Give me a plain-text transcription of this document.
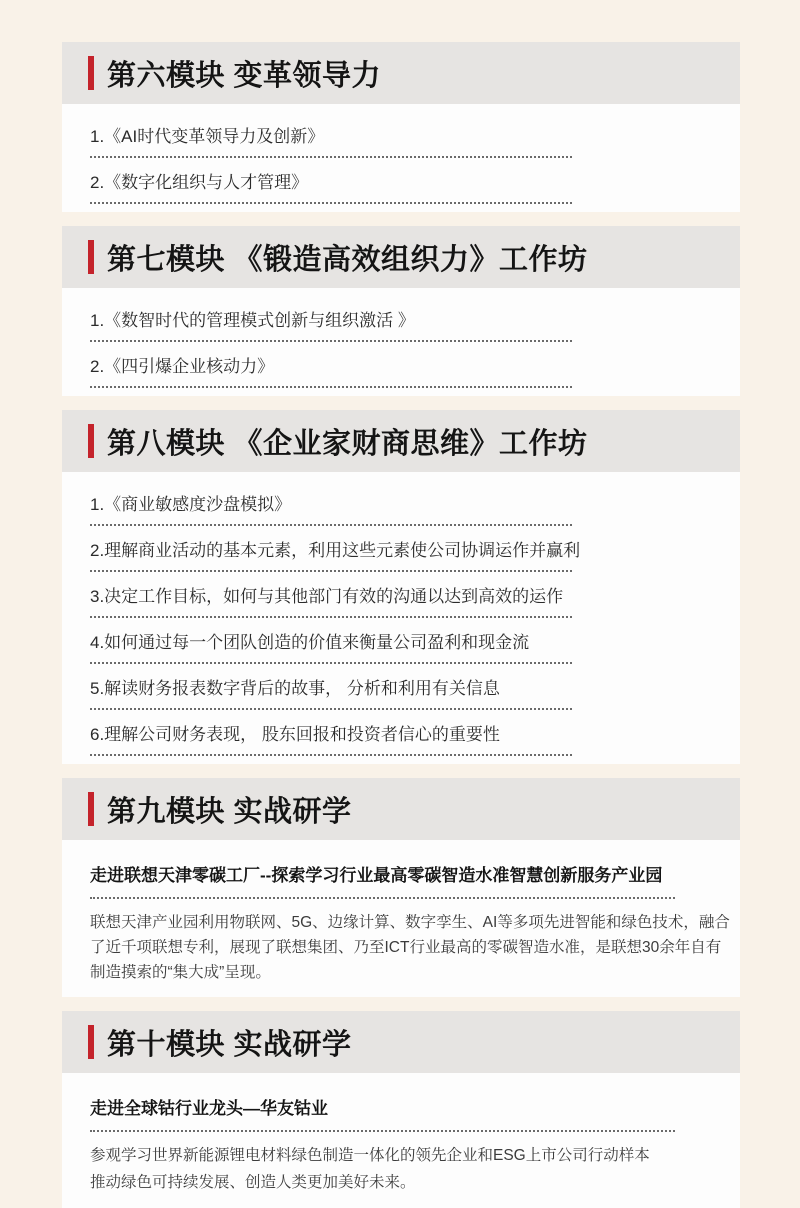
第六模块 变革领导力
1.《AI时代变革领导力及创新》
2.《数字化组织与人才管理》
第七模块 《锻造高效组织力》工作坊
1.《数智时代的管理模式创新与组织激活 》
2.《四引爆企业核动力》
第八模块 《企业家财商思维》工作坊
1.《商业敏感度沙盘模拟》
2.理解商业活动的基本元素，利用这些元素使公司协调运作并赢利
3.决定工作目标，如何与其他部门有效的沟通以达到高效的运作
4.如何通过每一个团队创造的价值来衡量公司盈利和现金流
5.解读财务报表数字背后的故事， 分析和利用有关信息
6.理解公司财务表现， 股东回报和投资者信心的重要性
第九模块 实战研学
走进联想天津零碳工厂--探索学习行业最高零碳智造水准智慧创新服务产业园

联想天津产业园利用物联网、5G、边缘计算、数字孪生、AI等多项先进智能和绿色技术，融合了近千项联想专利，展现了联想集团、乃至ICT行业最高的零碳智造水准，是联想30余年自有制造摸索的“集大成”呈现。

第十模块 实战研学
走进全球钴行业龙头—华友钴业
参观学习世界新能源锂电材料绿色制造一体化的领先企业和ESG上市公司行动样本
推动绿色可持续发展、创造人类更加美好未来。
